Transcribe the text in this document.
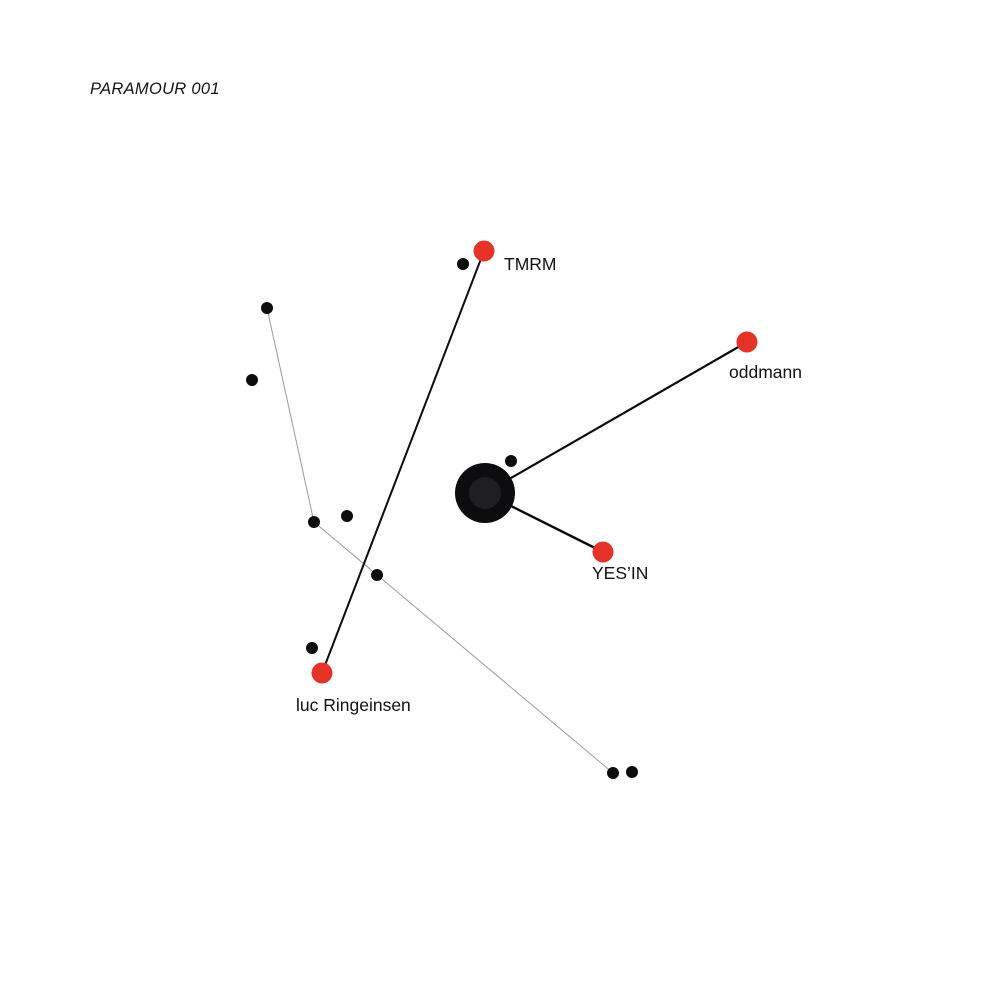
PARAMOUR 001
TMRM
oddmann
YES’IN
luc Ringeinsen
